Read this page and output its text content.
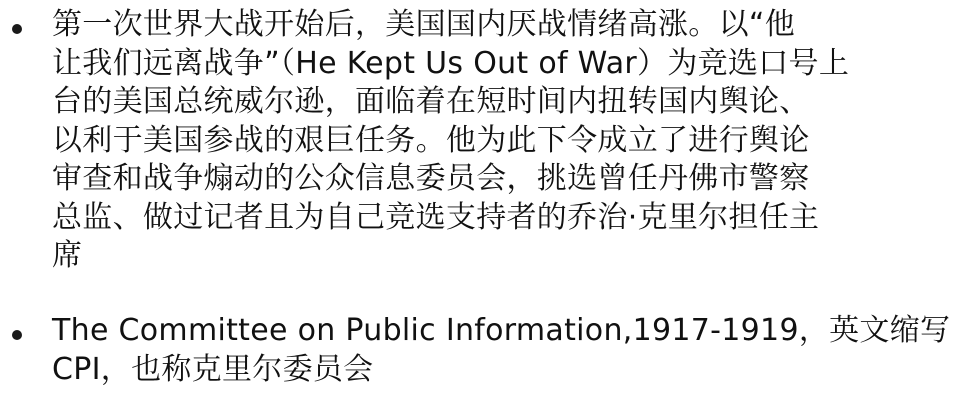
第一次世界大战开始后，美国国内厌战情绪高涨。以“他
让我们远离战争”（He Kept Us Out of War）为竞选口号上
台的美国总统威尔逊，面临着在短时间内扭转国内舆论、
以利于美国参战的艰巨任务。他为此下令成立了进行舆论
审查和战争煽动的公众信息委员会，挑选曾任丹佛市警察
总监、做过记者且为自己竞选支持者的乔治·克里尔担任主
席

The Committee on Public Information,1917-1919，英文缩写
CPI，也称克里尔委员会
